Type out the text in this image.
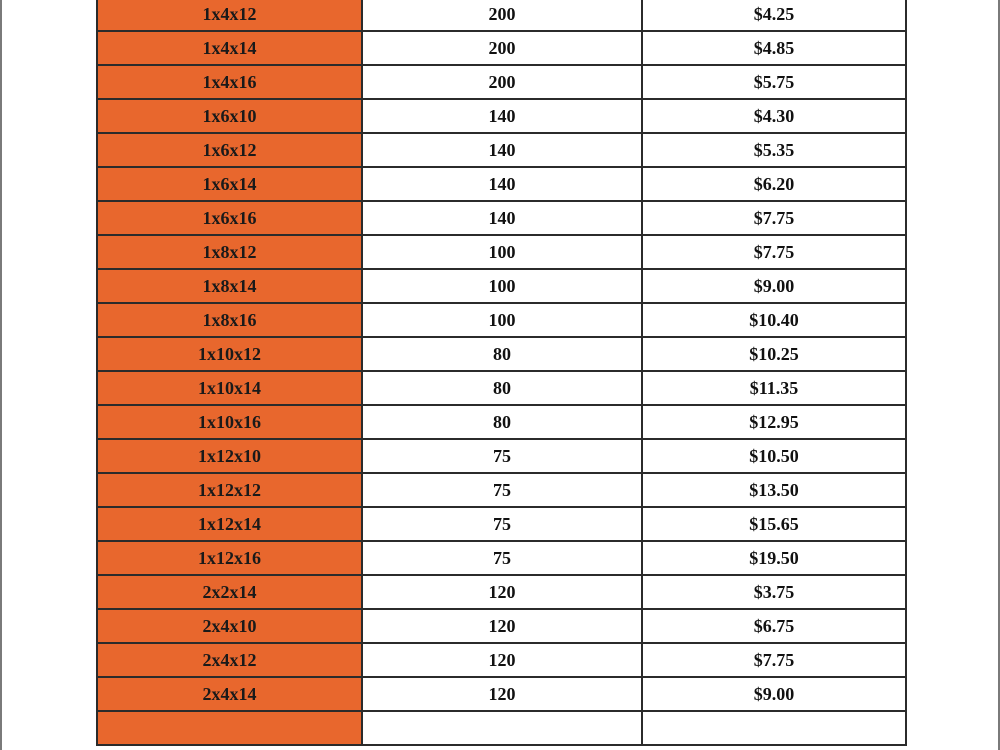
1x4x12	200	$4.25
1x4x14	200	$4.85
1x4x16	200	$5.75
1x6x10	140	$4.30
1x6x12	140	$5.35
1x6x14	140	$6.20
1x6x16	140	$7.75
1x8x12	100	$7.75
1x8x14	100	$9.00
1x8x16	100	$10.40
1x10x12	80	$10.25
1x10x14	80	$11.35
1x10x16	80	$12.95
1x12x10	75	$10.50
1x12x12	75	$13.50
1x12x14	75	$15.65
1x12x16	75	$19.50
2x2x14	120	$3.75
2x4x10	120	$6.75
2x4x12	120	$7.75
2x4x14	120	$9.00
